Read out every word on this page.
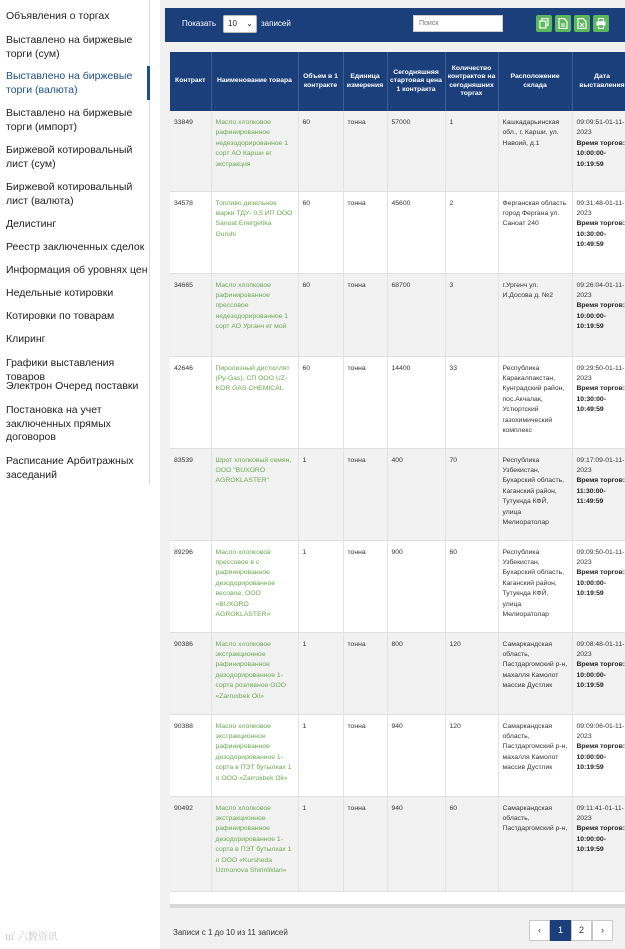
Объявления о торгах
Выставлено на биржевые торги (сум)
Выставлено на биржевые торги (валюта)
Выставлено на биржевые торги (импорт)
Биржевой котировальный лист (сум)
Биржевой котировальный лист (валюта)
Делистинг
Реестр заключенных сделок
Информация об уровнях цен
Недельные котировки
Котировки по товарам
Клиринг
Графики выставления товаров
Электрон Очеред поставки
Постановка на учет заключенных прямых договоров
Расписание Арбитражных заседаний
Показать	10 ⌄ записей
Поиск
Контракт	Наименование товара	Объем в 1 контракте	Единица измерения	Сегодняшняя стартовая цена 1 контракта	Количество контрактов на сегодняшних торгах	Расположение склада	Дата выставления
33849	Масло хлопковое рафинированное недезодорированное 1 сорт АО Карши ег экстракция	60	тонна	57000	1	Кашкадарьинская обл., г. Карши, ул. Навоий, д.1	09:09:51-01-11-2023
Время торгов:
10:00:00-10:19:59

34578	Топливо дизельное марки ТДУ- 0,5 ИП ООО Sanoat Energetika Guruhi	60	тонна	45600	2	Ферганская область город Фергана ул. Саноат 240	09:31:48-01-11-2023
Время торгов:
10:30:00-10:49:59

34665	Масло хлопковое рафинированное прессовое недезодорированное 1 сорт АО Урганч ег мой	60	тонна	68700	3	г.Ургенч ул. И.Досова д. №2	09:26:04-01-11-2023
Время торгов:
10:00:00-10:19:59

42646	Пиролизный дистиллят (Py-Gas), СП ООО UZ-KOR GAS CHEMICAL	60	тонна	14400	33	Республика Каракалпакстан, Кунградский район, пос.Акчалак, Устюртский газохимический комплекс	09:29:50-01-11-2023
Время торгов:
10:30:00-10:49:59

83539	Шрот хлопковый семян, ООО "BUXORO AGROKLASTER"	1	тонна	400	70	Республика Узбекистан, Бухарский область, Каганский район, Тутукнда КФЙ, улица Мелиоратолар	09:17:09-01-11-2023
Время торгов:
11:30:00-11:49:59

89296	Масло хлопковое прессовое в с рафинированное дезодорированное весовое, ООО «BUXORO AGROKLASTER»	1	тонна	900	60	Республика Узбекистан, Бухарский область, Каганский район, Тутукнда КФЙ, улица Мелиоратолар	09:09:50-01-11-2023
Время торгов:
10:00:00-10:19:59

90386	Масло хлопковое экстракционное рафинированное дезодорированное 1-сорта розливное ООО «Zarruxbek Oil»	1	тонна	800	120	Самаркандская область, Пастдаргомский р-н, махалля Камолот массив Дустлик	09:08:48-01-11-2023
Время торгов:
10:00:00-10:19:59

90388	Масло хлопковое экстракционное рафинированное дезодорированное 1-сорта в ПЭТ бутылках 1 л ООО «Zarruxbek Oil»	1	тонна	940	120	Самаркандская область, Пастдаргомский р-н, махалля Камолот массив Дустлик	09:09:06-01-11-2023
Время торгов:
10:00:00-10:19:59

90492	Масло хлопковое экстракционное рафинированное дезодорированное 1-сорта в ПЭТ бутылках 1 л ООО «Kursheda Uzmonova Shirinliklari»	1	тонна	940	60	Самаркандская область, Пастдаргомский р-н,	09:11:41-01-11-2023
Время торгов:
10:00:00-10:19:59
Записи с 1 до 10 из 11 записей	‹	1	2	›
㎡ 六数资讯
